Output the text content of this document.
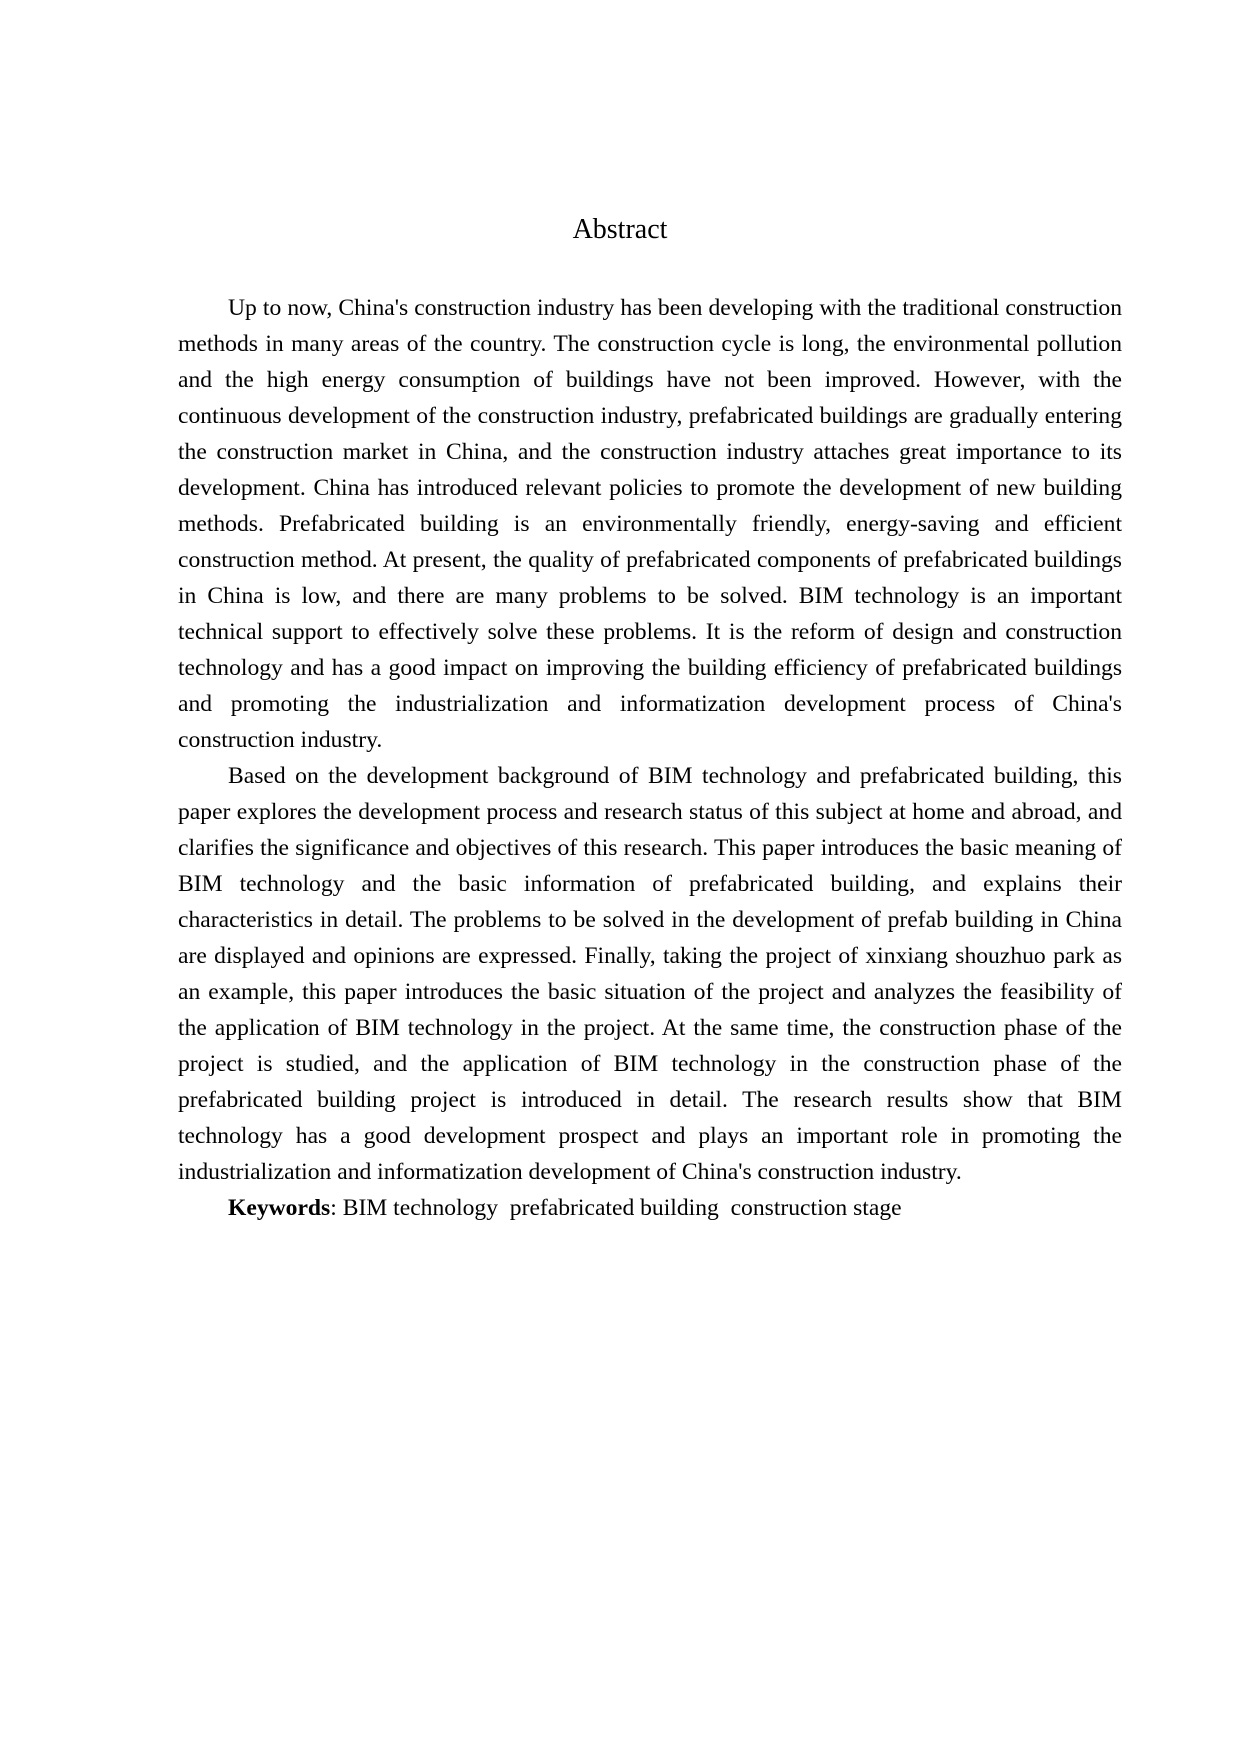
Abstract

Up to now, China's construction industry has been developing with the traditional construction methods in many areas of the country. The construction cycle is long, the environmental pollution and the high energy consumption of buildings have not been improved. However, with the continuous development of the construction industry, prefabricated buildings are gradually entering the construction market in China, and the construction industry attaches great importance to its development. China has introduced relevant policies to promote the development of new building methods. Prefabricated building is an environmentally friendly, energy-saving and efficient construction method. At present, the quality of prefabricated components of prefabricated buildings in China is low, and there are many problems to be solved. BIM technology is an important technical support to effectively solve these problems. It is the reform of design and construction technology and has a good impact on improving the building efficiency of prefabricated buildings and promoting the industrialization and informatization development process of China's construction industry.

Based on the development background of BIM technology and prefabricated building, this paper explores the development process and research status of this subject at home and abroad, and clarifies the significance and objectives of this research. This paper introduces the basic meaning of BIM technology and the basic information of prefabricated building, and explains their characteristics in detail. The problems to be solved in the development of prefab building in China are displayed and opinions are expressed. Finally, taking the project of xinxiang shouzhuo park as an example, this paper introduces the basic situation of the project and analyzes the feasibility of the application of BIM technology in the project. At the same time, the construction phase of the project is studied, and the application of BIM technology in the construction phase of the prefabricated building project is introduced in detail. The research results show that BIM technology has a good development prospect and plays an important role in promoting the industrialization and informatization development of China's construction industry.

Keywords: BIM technology  prefabricated building  construction stage
